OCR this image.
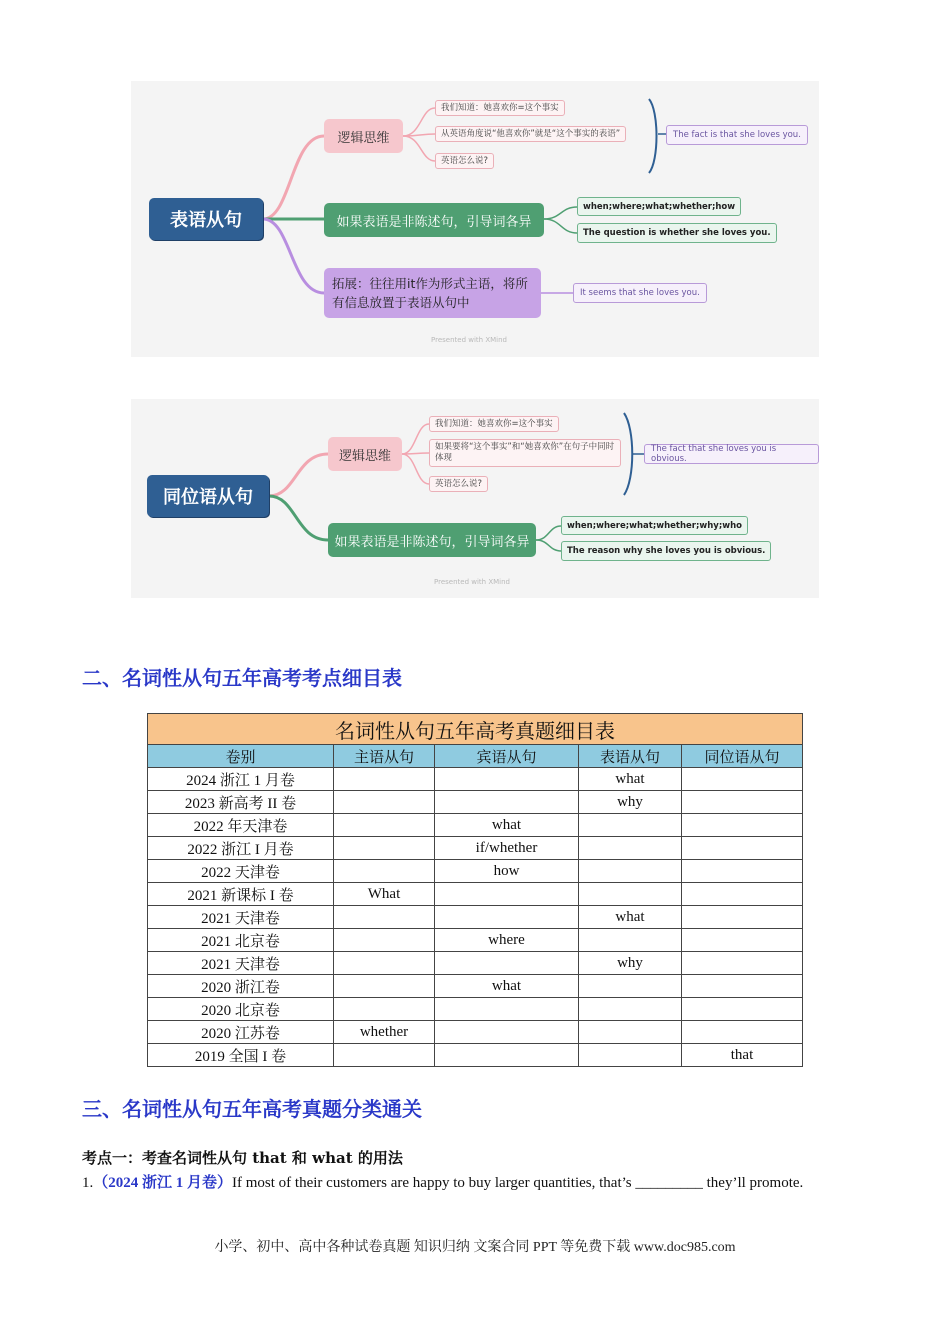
表语从句
逻辑思维
我们知道：她喜欢你=这个事实
从英语角度说“他喜欢你”就是“这个事实的表语”
英语怎么说?
The fact is that she loves you.
如果表语是非陈述句，引导词各异
when;where;what;whether;how
The question is whether she loves you.
拓展：往往用it作为形式主语，将所有信息放置于表语从句中
It seems that she loves you.
Presented with XMind
同位语从句
逻辑思维
我们知道：她喜欢你=这个事实
如果要将“这个事实”和“她喜欢你”在句子中同时体现
英语怎么说?
The fact that she loves you is obvious.
如果表语是非陈述句，引导词各异
when;where;what;whether;why;who
The reason why she loves you is obvious.
Presented with XMind
二、名词性从句五年高考考点细目表
名词性从句五年高考真题细目表				
卷别	主语从句	宾语从句	表语从句	同位语从句
2024 浙江 1 月卷			what	
2023 新高考 II 卷			why	
2022 年天津卷		what		
2022 浙江 I 月卷		if/whether		
2022 天津卷		how		
2021 新课标 I 卷	What			
2021 天津卷			what	
2021 北京卷		where		
2021 天津卷			why	
2020 浙江卷		what		
2020 北京卷				
2020 江苏卷	whether			
2019 全国 I 卷				that
三、名词性从句五年高考真题分类通关
考点一：考查名词性从句 that 和 what 的用法
1.（2024 浙江 1 月卷）If most of their customers are happy to buy larger quantities, that’s _________ they’ll promote.
小学、初中、高中各种试卷真题 知识归纳 文案合同 PPT 等免费下载 www.doc985.com
